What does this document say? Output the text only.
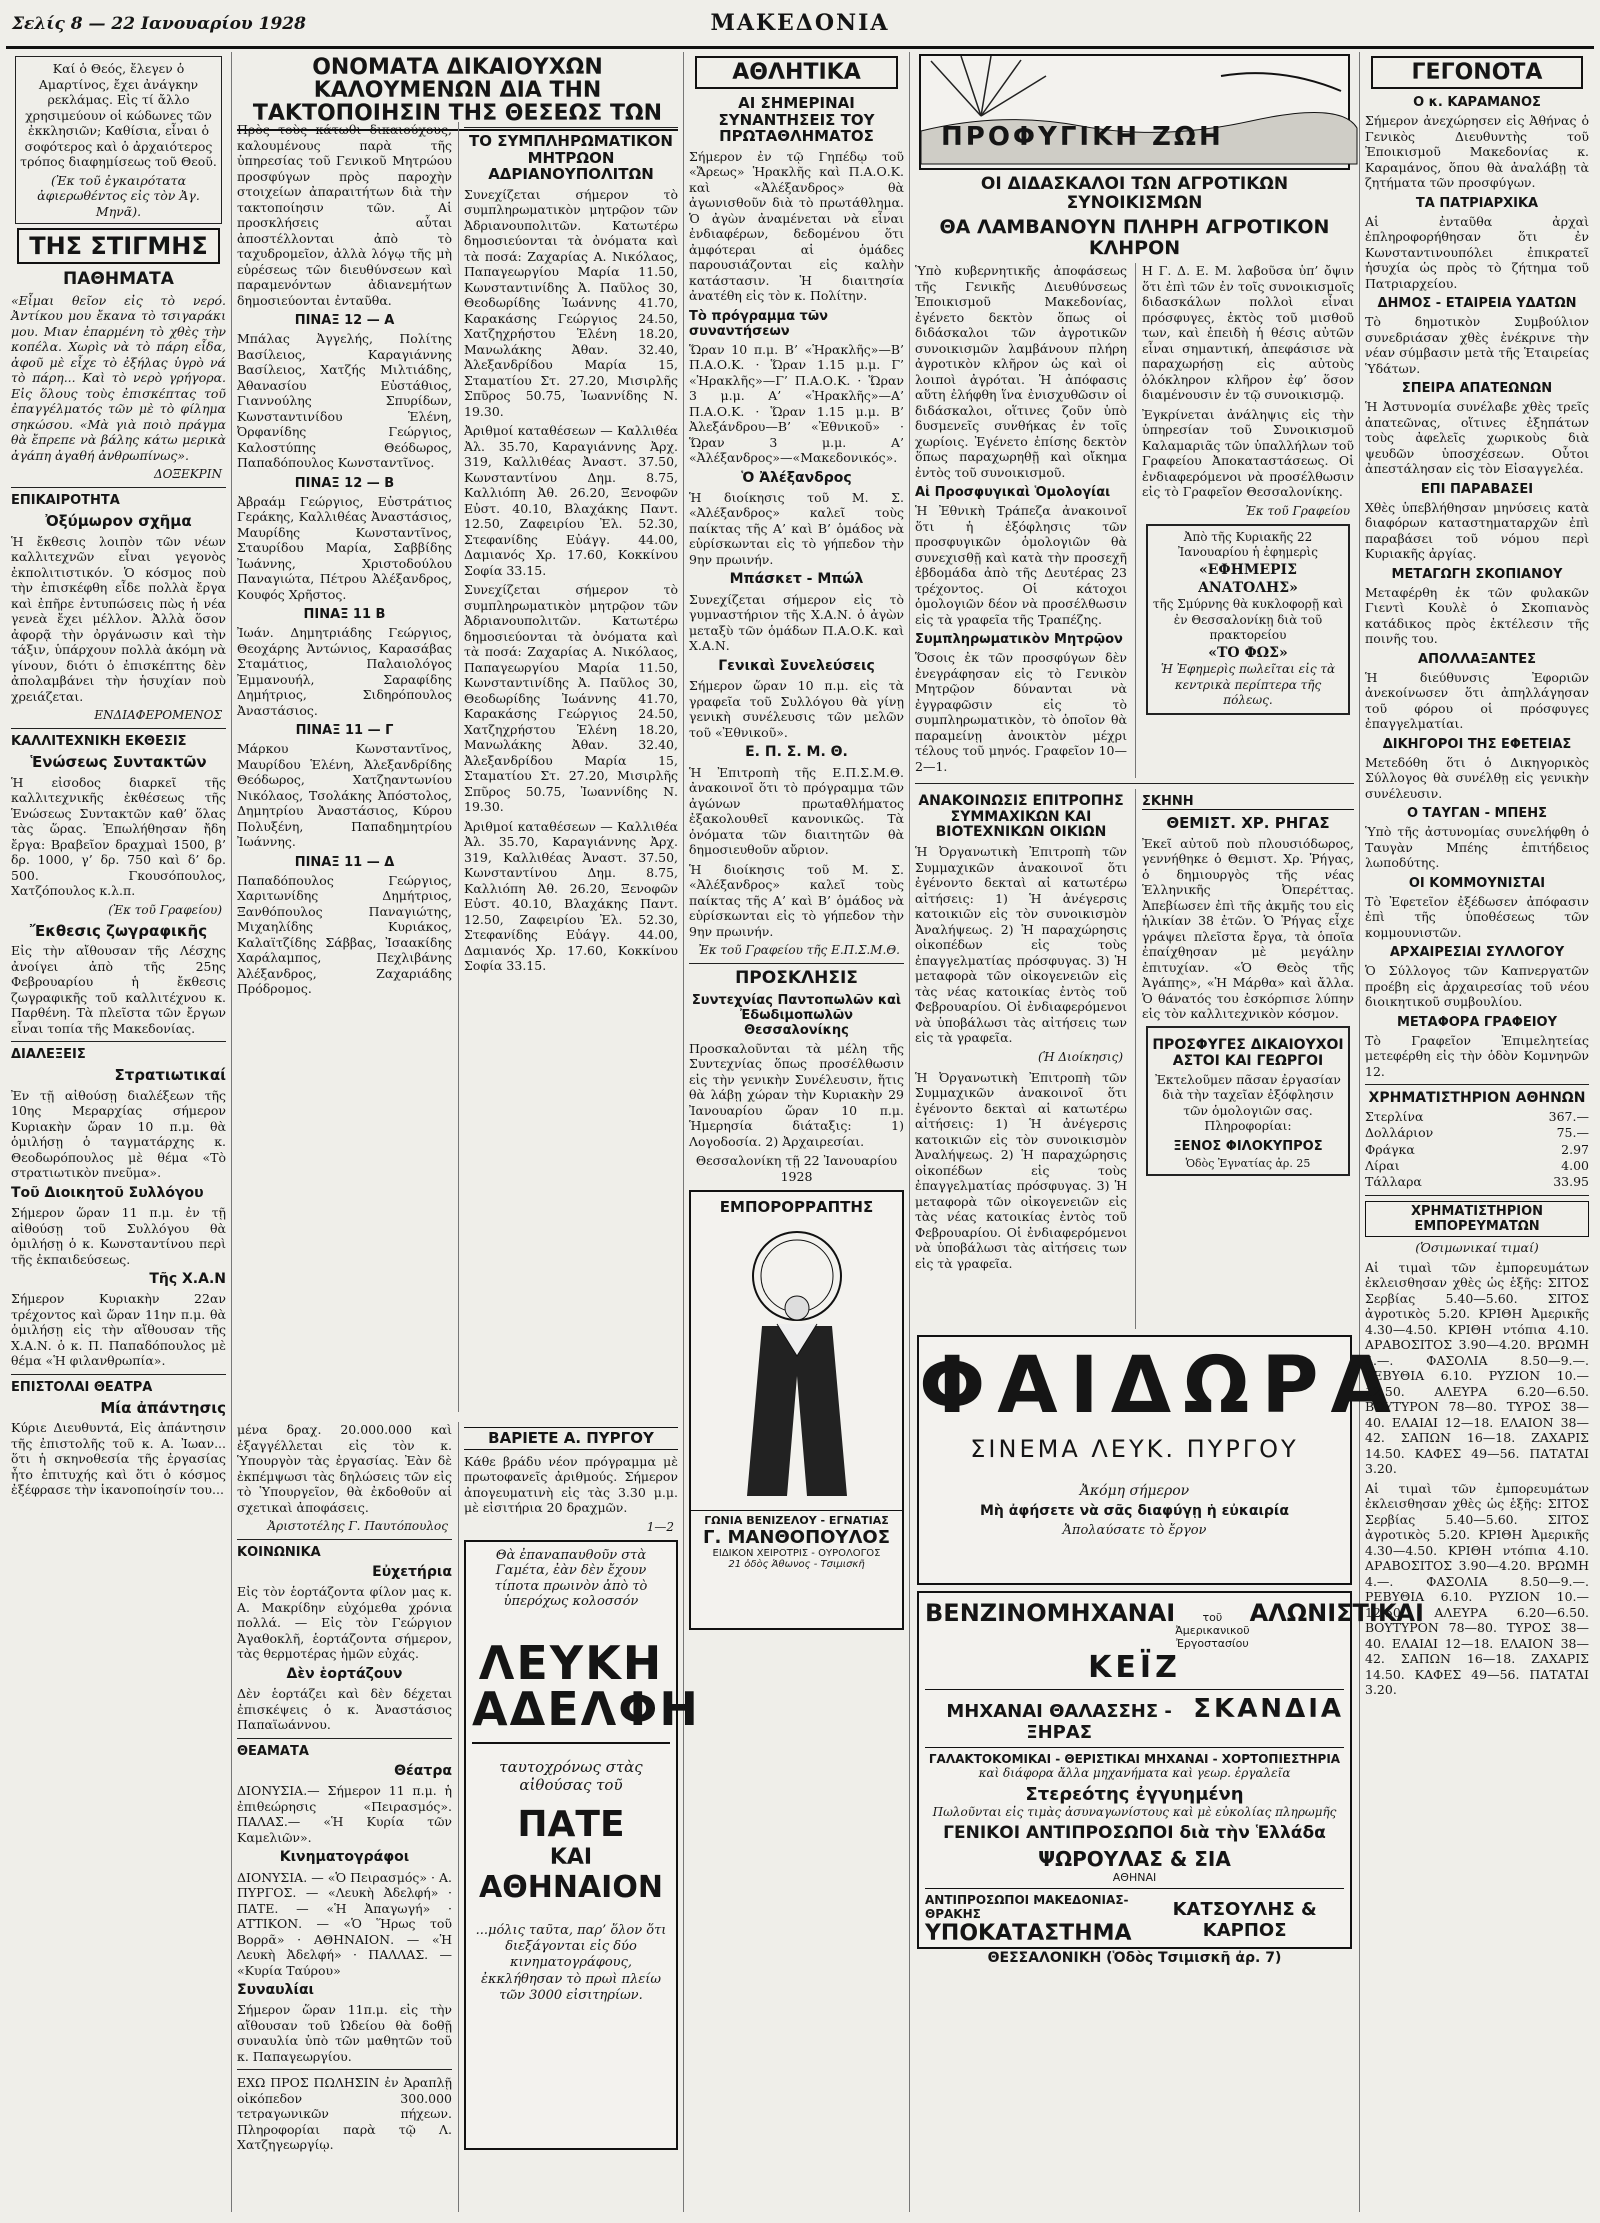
Σελίς 8 — 22 Ιανουαρίου 1928	ΜΑΚΕΔΟΝΙΑ
Καί ὁ Θεός, ἔλεγεν ὁ Αμαρτίνος, ἔχει ἀνάγκην ρεκλάμας. Εἰς τί ἄλλο χρησιμεύουν οἱ κώδωνες τῶν ἐκκλησιῶν; Καθίσια, εἶναι ὁ σοφότερος καὶ ὁ ἀρχαιότερος τρόπος διαφημίσεως τοῦ Θεοῦ.
(Ἐκ τοῦ ἐγκαιρότατα ἀφιερωθέντος εἰς τὸν Ἀγ. Μηνᾶ).
ΤΗΣ ΣΤΙΓΜΗΣ
ΠΑΘΗΜΑΤΑ
«Εἶμαι θεῖον εἰς τὸ νερό. Ἀντίκου μου ἔκανα τὸ τσιγαράκι μου. Μιαν ἐπαρμένη τὸ χθὲς τὴν κοπέλα. Χωρὶς νὰ τὸ πάρη εἶδα, ἀφοῦ μὲ εἶχε τὸ ἐξήλας ὑγρὸ νά τὸ πάρη... Καὶ τὸ νερὸ γρήγορα. Εἰς ὅλους τοὺς ἐπισκέπτας τοῦ ἐπαγγέλματός τῶν μὲ τὸ φίλημα σηκώσου. «Μὰ γιὰ ποιὸ πράγμα θὰ ἔπρεπε νὰ βάλης κάτω μερικὰ ἀγάπη ἀγαθή ἀνθρωπίνως».
ΔΟΞΕΚΡΙΝ
ΕΠΙΚΑΙΡΟΤΗΤΑ
Ὀξύμωρον σχῆμα
Ἡ ἔκθεσις λοιπὸν τῶν νέων καλλιτεχνῶν εἶναι γεγονὸς ἐκπολιτιστικόν. Ὁ κόσμος ποὺ τὴν ἐπισκέφθη εἶδε πολλὰ ἔργα καὶ ἐπῆρε ἐντυπώσεις πὼς ἡ νέα γενεὰ ἔχει μέλλον. Ἀλλὰ ὅσον ἀφορᾷ τὴν ὀργάνωσιν καὶ τὴν τάξιν, ὑπάρχουν πολλὰ ἀκόμη νὰ γίνουν, διότι ὁ ἐπισκέπτης δὲν ἀπολαμβάνει τὴν ἡσυχίαν ποὺ χρειάζεται.
ΕΝΔΙΑΦΕΡΟΜΕΝΟΣ
ΚΑΛΛΙΤΕΧΝΙΚΗ ΕΚΘΕΣΙΣ
Ἑνώσεως Συντακτῶν
Ἡ εἰσοδος διαρκεῖ τῆς καλλιτεχνικῆς ἐκθέσεως τῆς Ἑνώσεως Συντακτῶν καθ’ ὅλας τὰς ὥρας. Ἐπωλήθησαν ἤδη ἔργα: Βραβεῖον δραχμαὶ 1500, β’ δρ. 1000, γ’ δρ. 750 καὶ δ’ δρ. 500. Γκουσόπουλος, Χατζόπουλος κ.λ.π.
(Ἐκ τοῦ Γραφείου)
Ἔκθεσις ζωγραφικῆς
Εἰς τὴν αἴθουσαν τῆς Λέσχης ἀνοίγει ἀπὸ τῆς 25ης Φεβρουαρίου ἡ ἔκθεσις ζωγραφικῆς τοῦ καλλιτέχνου κ. Παρθένη. Τὰ πλεῖστα τῶν ἔργων εἶναι τοπία τῆς Μακεδονίας.
ΔΙΑΛΕΞΕΙΣ
Στρατιωτικαί
Ἐν τῇ αἰθούσῃ διαλέξεων τῆς 10ης Μεραρχίας σήμερον Κυριακὴν ὥραν 10 π.μ. θὰ ὁμιλήσῃ ὁ ταγματάρχης κ. Θεοδωρόπουλος μὲ θέμα «Τὸ στρατιωτικὸν πνεῦμα».
Τοῦ Διοικητοῦ Συλλόγου
Σήμερον ὥραν 11 π.μ. ἐν τῇ αἰθούσῃ τοῦ Συλλόγου θὰ ὁμιλήσῃ ὁ κ. Κωνσταντίνου περὶ τῆς ἐκπαιδεύσεως.
Τῆς Χ.Α.Ν
Σήμερον Κυριακὴν 22αν τρέχοντος καὶ ὥραν 11ην π.μ. θὰ ὁμιλήσῃ εἰς τὴν αἴθουσαν τῆς Χ.Α.Ν. ὁ κ. Π. Παπαδόπουλος μὲ θέμα «Ἡ φιλανθρωπία».
ΕΠΙΣΤΟΛΑΙ ΘΕΑΤΡΑ
Μία ἀπάντησις
Κύριε Διευθυντά, Εἰς ἀπάντησιν τῆς ἐπιστολῆς τοῦ κ. Α. Ἰωαν... ὅτι ἡ σκηνοθεσία τῆς ἐργασίας ἦτο ἐπιτυχής καὶ ὅτι ὁ κόσμος ἐξέφρασε τὴν ἱκανοποίησίν του...
ΟΝΟΜΑΤΑ ΔΙΚΑΙΟΥΧΩΝ ΚΑΛΟΥΜΕΝΩΝ ΔΙΑ ΤΗΝ ΤΑΚΤΟΠΟΙΗΣΙΝ ΤΗΣ ΘΕΣΕΩΣ ΤΩΝ
Πρὸς τοὺς κάτωθι δικαιούχους, καλουμένους παρὰ τῆς ὑπηρεσίας τοῦ Γενικοῦ Μητρώου προσφύγων πρὸς παροχὴν στοιχείων ἀπαραιτήτων διὰ τὴν τακτοποίησιν τῶν. Αἱ προσκλήσεις αὗται ἀποστέλλονται ἀπὸ τὸ ταχυδρομεῖον, ἀλλὰ λόγῳ τῆς μὴ εὑρέσεως τῶν διευθύνσεων καὶ παραμενόντων ἀδιανεμήτων δημοσιεύονται ἐνταῦθα.
ΠΙΝΑΞ 12 — Α
Μπάλας Ἀγγελής, Πολίτης Βασίλειος, Καραγιάννης Βασίλειος, Χατζής Μιλτιάδης, Ἀθανασίου Εὐστάθιος, Γιαννούλης Σπυρίδων, Κωνσταντινίδου Ἑλένη, Ὀρφανίδης Γεώργιος, Καλοστύπης Θεόδωρος, Παπαδόπουλος Κωνσταντῖνος.
ΠΙΝΑΞ 12 — Β
Ἀβραάμ Γεώργιος, Εὐστράτιος Γεράκης, Καλλιθέας Ἀναστάσιος, Μαυρίδης Κωνσταντῖνος, Σταυρίδου Μαρία, Σαββίδης Ἰωάννης, Χριστοδούλου Παναγιώτα, Πέτρου Ἀλέξανδρος, Κουφός Χρῆστος.
ΠΙΝΑΞ 11 Β
Ἰωάν. Δημητριάδης Γεώργιος, Θεοχάρης Ἀντώνιος, Καρασάβας Σταμάτιος, Παλαιολόγος Ἐμμανουήλ, Σαραφίδης Δημήτριος, Σιδηρόπουλος Ἀναστάσιος.
ΠΙΝΑΞ 11 — Γ
Μάρκου Κωνσταντῖνος, Μαυρίδου Ἑλένη, Ἀλεξανδρίδης Θεόδωρος, Χατζηαντωνίου Νικόλαος, Τσολάκης Ἀπόστολος, Δημητρίου Ἀναστάσιος, Κύρου Πολυξένη, Παπαδημητρίου Ἰωάννης.
ΠΙΝΑΞ 11 — Δ
Παπαδόπουλος Γεώργιος, Χαριτωνίδης Δημήτριος, Ξανθόπουλος Παναγιώτης, Μιχαηλίδης Κυριάκος, Καλαϊτζίδης Σάββας, Ἰσαακίδης Χαράλαμπος, Πεχλιβάνης Ἀλέξανδρος, Ζαχαριάδης Πρόδρομος.
ΤΟ ΣΥΜΠΛΗΡΩΜΑΤΙΚΟΝ ΜΗΤΡΩΟΝ ΑΔΡΙΑΝΟΥΠΟΛΙΤΩΝ
Συνεχίζεται σήμερον τὸ συμπληρωματικὸν μητρῷον τῶν Ἀδριανουπολιτῶν. Κατωτέρω δημοσιεύονται τὰ ὀνόματα καὶ τὰ ποσά: Ζαχαρίας Α. Νικόλαος, Παπαγεωργίου Μαρία 11.50, Κωνσταντινίδης Ἀ. Παῦλος 30, Θεοδωρίδης Ἰωάννης 41.70, Καρακάσης Γεώργιος 24.50, Χατζηχρήστου Ἑλένη 18.20, Μανωλάκης Ἀθαν. 32.40, Ἀλεξανδρίδου Μαρία 15, Σταματίου Στ. 27.20, Μισιρλῆς Σπῦρος 50.75, Ἰωαννίδης Ν. 19.30.
Ἀριθμοί καταθέσεων — Καλλιθέα Ἀλ. 35.70, Καραγιάννης Ἀρχ. 319, Καλλιθέας Ἀναστ. 37.50, Κωνσταντίνου Δημ. 8.75, Καλλιόπη Ἀθ. 26.20, Ξενοφῶν Εὐστ. 40.10, Βλαχάκης Παντ. 12.50, Ζαφειρίου Ἐλ. 52.30, Στεφανίδης Εὐάγγ. 44.00, Δαμιανός Χρ. 17.60, Κοκκίνου Σοφία 33.15.
Συνεχίζεται σήμερον τὸ συμπληρωματικὸν μητρῷον τῶν Ἀδριανουπολιτῶν. Κατωτέρω δημοσιεύονται τὰ ὀνόματα καὶ τὰ ποσά: Ζαχαρίας Α. Νικόλαος, Παπαγεωργίου Μαρία 11.50, Κωνσταντινίδης Ἀ. Παῦλος 30, Θεοδωρίδης Ἰωάννης 41.70, Καρακάσης Γεώργιος 24.50, Χατζηχρήστου Ἑλένη 18.20, Μανωλάκης Ἀθαν. 32.40, Ἀλεξανδρίδου Μαρία 15, Σταματίου Στ. 27.20, Μισιρλῆς Σπῦρος 50.75, Ἰωαννίδης Ν. 19.30.
Ἀριθμοί καταθέσεων — Καλλιθέα Ἀλ. 35.70, Καραγιάννης Ἀρχ. 319, Καλλιθέας Ἀναστ. 37.50, Κωνσταντίνου Δημ. 8.75, Καλλιόπη Ἀθ. 26.20, Ξενοφῶν Εὐστ. 40.10, Βλαχάκης Παντ. 12.50, Ζαφειρίου Ἐλ. 52.30, Στεφανίδης Εὐάγγ. 44.00, Δαμιανός Χρ. 17.60, Κοκκίνου Σοφία 33.15.
μένα δραχ. 20.000.000 καὶ ἐξαγγέλλεται εἰς τὸν κ. Ὑπουργὸν τὰς ἐργασίας. Ἐὰν δὲ ἐκπέμψωσι τὰς δηλώσεις τῶν εἰς τὸ Ὑπουργεῖον, θὰ ἐκδοθοῦν αἱ σχετικαὶ ἀποφάσεις.
Ἀριστοτέλης Γ. Παυτόπουλος
ΚΟΙΝΩΝΙΚΑ
Εὐχετήρια
Εἰς τὸν ἑορτάζοντα φίλον μας κ. Α. Μακρίδην εὐχόμεθα χρόνια πολλά. — Εἰς τὸν Γεώργιον Ἀγαθοκλῆ, ἑορτάζοντα σήμερον, τὰς θερμοτέρας ἡμῶν εὐχάς.
Δὲν ἑορτάζουν
Δὲν ἑορτάζει καὶ δὲν δέχεται ἐπισκέψεις ὁ κ. Ἀναστάσιος Παπαϊωάννου.
ΘΕΑΜΑΤΑ
Θέατρα
ΔΙΟΝΥΣΙΑ.— Σήμερον 11 π.μ. ἡ ἐπιθεώρησις «Πειρασμός». ΠΑΛΑΣ.— «Ἡ Κυρία τῶν Καμελιῶν».
Κινηματογράφοι
ΔΙΟΝΥΣΙΑ. — «Ὁ Πειρασμός» · Α. ΠΥΡΓΟΣ. — «Λευκὴ Ἀδελφή» · ΠΑΤΕ. — «Ἡ Ἀπαγωγή» · ΑΤΤΙΚΟΝ. — «Ὁ Ἥρως τοῦ Βορρᾶ» · ΑΘΗΝΑΙΟΝ. — «Ἡ Λευκὴ Ἀδελφή» · ΠΑΛΛΑΣ. — «Κυρία Ταύρου»
Συναυλίαι
Σήμερον ὥραν 11π.μ. εἰς τὴν αἴθουσαν τοῦ Ὠδείου θὰ δοθῇ συναυλία ὑπὸ τῶν μαθητῶν τοῦ κ. Παπαγεωργίου.
ΕΧΩ ΠΡΟΣ ΠΩΛΗΣΙΝ ἐν Ἀραπλῇ οἰκόπεδον 300.000 τετραγωνικῶν πήχεων. Πληροφορίαι παρὰ τῷ Λ. Χατζηγεωργίῳ.
ΒΑΡΙΕΤΕ Α. ΠΥΡΓΟΥ
Κάθε βράδυ νέον πρόγραμμα μὲ πρωτοφανεῖς ἀριθμούς. Σήμερον ἀπογευματινὴ εἰς τὰς 3.30 μ.μ. μὲ εἰσιτήρια 20 δραχμῶν.
1—2
Θὰ ἐπαναπαυθοῦν στὰ Γαμέτα, ἐὰν δὲν ἔχουν τίποτα πρωινὸν ἀπὸ τὸ ὑπερόχως κολοσσόν
ΛΕΥΚΗ
ΑΔΕΛΦΗ
ταυτοχρόνως στὰς αἰθούσας τοῦ
ΠΑΤΕ
ΚΑΙ
ΑΘΗΝΑΙΟΝ
...μόλις ταῦτα, παρ’ ὅλον ὅτι διεξάγονται εἰς δύο κινηματογράφους, ἐκκλήθησαν τὸ πρωὶ πλείω τῶν 3000 εἰσιτηρίων.
ΑΘΛΗΤΙΚΑ
ΑΙ ΣΗΜΕΡΙΝΑΙ ΣΥΝΑΝΤΗΣΕΙΣ ΤΟΥ ΠΡΩΤΑΘΛΗΜΑΤΟΣ
Σήμερον ἐν τῷ Γηπέδῳ τοῦ «Ἄρεως» Ἡρακλῆς καὶ Π.Α.Ο.Κ. καὶ «Ἀλέξανδρος» θὰ ἀγωνισθοῦν διὰ τὸ πρωτάθλημα. Ὁ ἀγὼν ἀναμένεται νὰ εἶναι ἐνδιαφέρων, δεδομένου ὅτι ἀμφότεραι αἱ ὁμάδες παρουσιάζονται εἰς καλὴν κατάστασιν. Ἡ διαιτησία ἀνατέθη εἰς τὸν κ. Πολίτην.
Τὸ πρόγραμμα τῶν συναντήσεων
Ὥραν 10 π.μ. Β’ «Ἡρακλῆς»—Β’ Π.Α.Ο.Κ. · Ὥραν 1.15 μ.μ. Γ’ «Ἡρακλῆς»—Γ’ Π.Α.Ο.Κ. · Ὥραν 3 μ.μ. Α’ «Ἡρακλῆς»—Α’ Π.Α.Ο.Κ. · Ὥραν 1.15 μ.μ. Β’ Ἀλεξάνδρου—Β’ «Ἐθνικοῦ» · Ὥραν 3 μ.μ. Α’ «Ἀλέξανδρος»—«Μακεδονικός».
Ὁ Ἀλέξανδρος
Ἡ διοίκησις τοῦ Μ. Σ. «Ἀλέξανδρος» καλεῖ τοὺς παίκτας τῆς Α’ καὶ Β’ ὁμάδος νὰ εὑρίσκωνται εἰς τὸ γήπεδον τὴν 9ην πρωινήν.
Μπάσκετ - Μπώλ
Συνεχίζεται σήμερον εἰς τὸ γυμναστήριον τῆς Χ.Α.Ν. ὁ ἀγὼν μεταξὺ τῶν ὁμάδων Π.Α.Ο.Κ. καὶ Χ.Α.Ν.
Γενικαὶ Συνελεύσεις
Σήμερον ὥραν 10 π.μ. εἰς τὰ γραφεῖα τοῦ Συλλόγου θὰ γίνῃ γενικὴ συνέλευσις τῶν μελῶν τοῦ «Ἐθνικοῦ».
Ε. Π. Σ. Μ. Θ.
Ἡ Ἐπιτροπὴ τῆς Ε.Π.Σ.Μ.Θ. ἀνακοινοῖ ὅτι τὸ πρόγραμμα τῶν ἀγώνων πρωταθλήματος ἐξακολουθεῖ κανονικῶς. Τὰ ὀνόματα τῶν διαιτητῶν θὰ δημοσιευθοῦν αὔριον.
Ἡ διοίκησις τοῦ Μ. Σ. «Ἀλέξανδρος» καλεῖ τοὺς παίκτας τῆς Α’ καὶ Β’ ὁμάδος νὰ εὑρίσκωνται εἰς τὸ γήπεδον τὴν 9ην πρωινήν.
Ἐκ τοῦ Γραφείου τῆς Ε.Π.Σ.Μ.Θ.
ΠΡΟΣΚΛΗΣΙΣ
Συντεχνίας Παντοπωλῶν καὶ Ἐδωδιμοπωλῶν Θεσσαλονίκης
Προσκαλοῦνται τὰ μέλη τῆς Συντεχνίας ὅπως προσέλθωσιν εἰς τὴν γενικὴν Συνέλευσιν, ἥτις θὰ λάβῃ χώραν τὴν Κυριακὴν 29 Ἰανουαρίου ὥραν 10 π.μ. Ἡμερησία διάταξις: 1) Λογοδοσία. 2) Ἀρχαιρεσίαι.
Θεσσαλονίκη τῇ 22 Ἰανουαρίου 1928
ΕΜΠΟΡΟΡΡΑΠΤΗΣ
ΓΩΝΙΑ ΒΕΝΙΖΕΛΟΥ - ΕΓΝΑΤΙΑΣ
Γ. ΜΑΝΘΟΠΟΥΛΟΣ
ΕΙΔΙΚΟΝ ΧΕΙΡΟΤΡΙΣ - ΟΥΡΟΛΟΓΟΣ
21 ὁδὸς Ἀθωνος - Τσιμισκῆ
ΠΡΟΦΥΓΙΚΗ ΖΩΗ
ΟΙ ΔΙΔΑΣΚΑΛΟΙ ΤΩΝ ΑΓΡΟΤΙΚΩΝ ΣΥΝΟΙΚΙΣΜΩΝ
ΘΑ ΛΑΜΒΑΝΟΥΝ ΠΛΗΡΗ ΑΓΡΟΤΙΚΟΝ ΚΛΗΡΟΝ
Ὑπὸ κυβερνητικῆς ἀποφάσεως τῆς Γενικῆς Διευθύνσεως Ἐποικισμοῦ Μακεδονίας, ἐγένετο δεκτὸν ὅπως οἱ διδάσκαλοι τῶν ἀγροτικῶν συνοικισμῶν λαμβάνουν πλήρη ἀγροτικὸν κλῆρον ὡς καὶ οἱ λοιποὶ ἀγρόται. Ἡ ἀπόφασις αὕτη ἐλήφθη ἵνα ἐνισχυθῶσιν οἱ διδάσκαλοι, οἵτινες ζοῦν ὑπὸ δυσμενεῖς συνθήκας ἐν τοῖς χωρίοις. Ἐγένετο ἐπίσης δεκτὸν ὅπως παραχωρηθῇ καὶ οἴκημα ἐντὸς τοῦ συνοικισμοῦ.
Αἱ Προσφυγικαὶ Ὁμολογίαι
Ἡ Ἐθνικὴ Τράπεζα ἀνακοινοῖ ὅτι ἡ ἐξόφλησις τῶν προσφυγικῶν ὁμολογιῶν θὰ συνεχισθῇ καὶ κατὰ τὴν προσεχῆ ἑβδομάδα ἀπὸ τῆς Δευτέρας 23 τρέχοντος. Οἱ κάτοχοι ὁμολογιῶν δέον νὰ προσέλθωσιν εἰς τὰ γραφεῖα τῆς Τραπέζης.
Συμπληρωματικὸν Μητρῷον
Ὅσοις ἐκ τῶν προσφύγων δὲν ἐνεγράφησαν εἰς τὸ Γενικὸν Μητρῷον δύνανται νὰ ἐγγραφῶσιν εἰς τὸ συμπληρωματικὸν, τὸ ὁποῖον θὰ παραμείνῃ ἀνοικτὸν μέχρι τέλους τοῦ μηνός. Γραφεῖον 10—2—1.
Η Γ. Δ. Ε. Μ. λαβοῦσα ὑπ’ ὄψιν ὅτι ἐπὶ τῶν ἐν τοῖς συνοικισμοῖς διδασκάλων πολλοὶ εἶναι πρόσφυγες, ἐκτὸς τοῦ μισθοῦ των, καὶ ἐπειδὴ ἡ θέσις αὐτῶν εἶναι σημαντική, ἀπεφάσισε νὰ παραχωρήσῃ εἰς αὐτοὺς ὁλόκληρον κλῆρον ἐφ’ ὅσον διαμένουσιν ἐν τῷ συνοικισμῷ.
Ἐγκρίνεται ἀνάληψις εἰς τὴν ὑπηρεσίαν τοῦ Συνοικισμοῦ Καλαμαριᾶς τῶν ὑπαλλήλων τοῦ Γραφείου Ἀποκαταστάσεως. Οἱ ἐνδιαφερόμενοι νὰ προσέλθωσιν εἰς τὸ Γραφεῖον Θεσσαλονίκης.
Ἐκ τοῦ Γραφείου
Ἀπὸ τῆς Κυριακῆς 22 Ἰανουαρίου ἡ ἐφημερὶς
«ΕΦΗΜΕΡΙΣ ΑΝΑΤΟΛΗΣ»
τῆς Σμύρνης θὰ κυκλοφορῇ καὶ ἐν Θεσσαλονίκῃ διὰ τοῦ πρακτορείου
«ΤΟ ΦΩΣ»
Ἡ Ἐφημερὶς πωλεῖται εἰς τὰ κεντρικὰ περίπτερα τῆς πόλεως.
ΑΝΑΚΟΙΝΩΣΙΣ ΕΠΙΤΡΟΠΗΣ ΣΥΜΜΑΧΙΚΩΝ ΚΑΙ ΒΙΟΤΕΧΝΙΚΩΝ ΟΙΚΙΩΝ
Ἡ Ὀργανωτικὴ Ἐπιτροπὴ τῶν Συμμαχικῶν ἀνακοινοῖ ὅτι ἐγένοντο δεκταὶ αἱ κατωτέρω αἰτήσεις: 1) Ἡ ἀνέγερσις κατοικιῶν εἰς τὸν συνοικισμὸν Ἀναλήψεως. 2) Ἡ παραχώρησις οἰκοπέδων εἰς τοὺς ἐπαγγελματίας πρόσφυγας. 3) Ἡ μεταφορὰ τῶν οἰκογενειῶν εἰς τὰς νέας κατοικίας ἐντὸς τοῦ Φεβρουαρίου. Οἱ ἐνδιαφερόμενοι νὰ ὑποβάλωσι τὰς αἰτήσεις των εἰς τὰ γραφεῖα.
(Ἡ Διοίκησις)
Ἡ Ὀργανωτικὴ Ἐπιτροπὴ τῶν Συμμαχικῶν ἀνακοινοῖ ὅτι ἐγένοντο δεκταὶ αἱ κατωτέρω αἰτήσεις: 1) Ἡ ἀνέγερσις κατοικιῶν εἰς τὸν συνοικισμὸν Ἀναλήψεως. 2) Ἡ παραχώρησις οἰκοπέδων εἰς τοὺς ἐπαγγελματίας πρόσφυγας. 3) Ἡ μεταφορὰ τῶν οἰκογενειῶν εἰς τὰς νέας κατοικίας ἐντὸς τοῦ Φεβρουαρίου. Οἱ ἐνδιαφερόμενοι νὰ ὑποβάλωσι τὰς αἰτήσεις των εἰς τὰ γραφεῖα.
ΣΚΗΝΗ
ΘΕΜΙΣΤ. ΧΡ. ΡΗΓΑΣ
Ἐκεῖ αὐτοῦ ποὺ πλουσιόδωρος, γεννήθηκε ὁ Θεμιστ. Χρ. Ῥήγας, ὁ δημιουργὸς τῆς νέας Ἑλληνικῆς Ὀπερέττας. Ἀπεβίωσεν ἐπὶ τῆς ἀκμῆς του εἰς ἡλικίαν 38 ἐτῶν. Ὁ Ῥήγας εἶχε γράψει πλεῖστα ἔργα, τὰ ὁποῖα ἐπαίχθησαν μὲ μεγάλην ἐπιτυχίαν. «Ὁ Θεὸς τῆς Ἀγάπης», «Ἡ Μάρθα» καὶ ἄλλα. Ὁ θάνατός του ἐσκόρπισε λύπην εἰς τὸν καλλιτεχνικὸν κόσμον.
ΠΡΟΣΦΥΓΕΣ ΔΙΚΑΙΟΥΧΟΙ ΑΣΤΟΙ ΚΑΙ ΓΕΩΡΓΟΙ
Ἐκτελοῦμεν πᾶσαν ἐργασίαν διὰ τὴν ταχεῖαν ἐξόφλησιν τῶν ὁμολογιῶν σας. Πληροφορίαι:
ΞΕΝΟΣ ΦΙΛΟΚΥΠΡΟΣ
Ὁδὸς Ἐγνατίας ἀρ. 25
ΦΑΙΔΩΡΑ
ΣΙΝΕΜΑ ΛΕΥΚ. ΠΥΡΓΟΥ
Ἀκόμη σήμερον
Μὴ ἀφήσετε νὰ σᾶς διαφύγῃ ἡ εὐκαιρία
Ἀπολαύσατε τὸ ἔργον
ΒΕΝΖΙΝΟΜΗΧΑΝΑΙ	τοῦ Ἀμερικανικοῦ Ἐργοστασίου
ΑΛΩΝΙΣΤΙΚΑΙ
ΚΕΪΖ
ΜΗΧΑΝΑΙ ΘΑΛΑΣΣΗΣ - ΞΗΡΑΣ
ΣΚΑΝΔΙΑ
ΓΑΛΑΚΤΟΚΟΜΙΚΑΙ - ΘΕΡΙΣΤΙΚΑΙ ΜΗΧΑΝΑΙ - ΧΟΡΤΟΠΙΕΣΤΗΡΙΑ
καὶ διάφορα ἄλλα μηχανήματα καὶ γεωρ. ἐργαλεῖα
Στερεότης ἐγγυημένη
Πωλοῦνται εἰς τιμὰς ἀσυναγωνίστους καὶ μὲ εὐκολίας πληρωμῆς
ΓΕΝΙΚΟΙ ΑΝΤΙΠΡΟΣΩΠΟΙ διὰ τὴν Ἑλλάδα
ΨΩΡΟΥΛΑΣ & ΣΙΑ
ΑΘΗΝΑΙ
ΑΝΤΙΠΡΟΣΩΠΟΙ ΜΑΚΕΔΟΝΙΑΣ-ΘΡΑΚΗΣ
ΥΠΟΚΑΤΑΣΤΗΜΑ
ΚΑΤΣΟΥΛΗΣ & ΚΑΡΠΟΣ
ΘΕΣΣΑΛΟΝΙΚΗ (Ὁδὸς Τσιμισκῆ ἀρ. 7)
ΓΕΓΟΝΟΤΑ
Ο κ. ΚΑΡΑΜΑΝΟΣ
Σήμερον ἀνεχώρησεν εἰς Ἀθήνας ὁ Γενικὸς Διευθυντὴς τοῦ Ἐποικισμοῦ Μακεδονίας κ. Καραμάνος, ὅπου θὰ ἀναλάβῃ τὰ ζητήματα τῶν προσφύγων.
ΤΑ ΠΑΤΡΙΑΡΧΙΚΑ
Αἱ ἐνταῦθα ἀρχαὶ ἐπληροφορήθησαν ὅτι ἐν Κωνσταντινουπόλει ἐπικρατεῖ ἡσυχία ὡς πρὸς τὸ ζήτημα τοῦ Πατριαρχείου.
ΔΗΜΟΣ - ΕΤΑΙΡΕΙΑ ΥΔΑΤΩΝ
Τὸ δημοτικὸν Συμβούλιον συνεδριάσαν χθὲς ἐνέκρινε τὴν νέαν σύμβασιν μετὰ τῆς Ἑταιρείας Ὑδάτων.
ΣΠΕΙΡΑ ΑΠΑΤΕΩΝΩΝ
Ἡ Ἀστυνομία συνέλαβε χθὲς τρεῖς ἀπατεῶνας, οἵτινες ἐξηπάτων τοὺς ἀφελεῖς χωρικοὺς διὰ ψευδῶν ὑποσχέσεων. Οὗτοι ἀπεστάλησαν εἰς τὸν Εἰσαγγελέα.
ΕΠΙ ΠΑΡΑΒΑΣΕΙ
Χθὲς ὑπεβλήθησαν μηνύσεις κατὰ διαφόρων καταστηματαρχῶν ἐπὶ παραβάσει τοῦ νόμου περὶ Κυριακῆς ἀργίας.
ΜΕΤΑΓΩΓΗ ΣΚΟΠΙΑΝΟΥ
Μεταφέρθη ἐκ τῶν φυλακῶν Γιεντὶ Κουλὲ ὁ Σκοπιανὸς κατάδικος πρὸς ἐκτέλεσιν τῆς ποινῆς του.
ΑΠΟΛΛΑΞΑΝΤΕΣ
Ἡ διεύθυνσις Ἐφοριῶν ἀνεκοίνωσεν ὅτι ἀπηλλάγησαν τοῦ φόρου οἱ πρόσφυγες ἐπαγγελματίαι.
ΔΙΚΗΓΟΡΟΙ ΤΗΣ ΕΦΕΤΕΙΑΣ
Μετεδόθη ὅτι ὁ Δικηγορικὸς Σύλλογος θὰ συνέλθῃ εἰς γενικὴν συνέλευσιν.
Ο ΤΑΥΓΑΝ - ΜΠΕΗΣ
Ὑπὸ τῆς ἀστυνομίας συνελήφθη ὁ Ταυγὰν Μπέης ἐπιτήδειος λωποδύτης.
ΟΙ ΚΟΜΜΟΥΝΙΣΤΑΙ
Τὸ Ἐφετεῖον ἐξέδωσεν ἀπόφασιν ἐπὶ τῆς ὑποθέσεως τῶν κομμουνιστῶν.
ΑΡΧΑΙΡΕΣΙΑΙ ΣΥΛΛΟΓΟΥ
Ὁ Σύλλογος τῶν Καπνεργατῶν προέβη εἰς ἀρχαιρεσίας τοῦ νέου διοικητικοῦ συμβουλίου.
ΜΕΤΑΦΟΡΑ ΓΡΑΦΕΙΟΥ
Τὸ Γραφεῖον Ἐπιμελητείας μετεφέρθη εἰς τὴν ὁδὸν Κομνηνῶν 12.
ΧΡΗΜΑΤΙΣΤΗΡΙΟΝ ΑΘΗΝΩΝ
Στερλίνα	367.—
Δολλάριον	75.—
Φράγκα	2.97
Λίραι	4.00
Τάλλαρα	33.95
ΧΡΗΜΑΤΙΣΤΗΡΙΟΝ ΕΜΠΟΡΕΥΜΑΤΩΝ
(Ὁσιμωνικαί τιμαί)
Αἱ τιμαὶ τῶν ἐμπορευμάτων ἐκλεισθησαν χθὲς ὡς ἑξῆς: ΣΙΤΟΣ Σερβίας 5.40—5.60. ΣΙΤΟΣ ἀγροτικὸς 5.20. ΚΡΙΘΗ Ἀμερικῆς 4.30—4.50. ΚΡΙΘΗ ντόπια 4.10. ΑΡΑΒΟΣΙΤΟΣ 3.90—4.20. ΒΡΩΜΗ 4.—. ΦΑΣΟΛΙΑ 8.50—9.—. ΡΕΒΥΘΙΑ 6.10. ΡΥΖΙΟΝ 10.—12.50. ΑΛΕΥΡΑ 6.20—6.50. ΒΟΥΤΥΡΟΝ 78—80. ΤΥΡΟΣ 38—40. ΕΛΑΙΑΙ 12—18. ΕΛΑΙΟΝ 38—42. ΣΑΠΩΝ 16—18. ΖΑΧΑΡΙΣ 14.50. ΚΑΦΕΣ 49—56. ΠΑΤΑΤΑΙ 3.20.
Αἱ τιμαὶ τῶν ἐμπορευμάτων ἐκλεισθησαν χθὲς ὡς ἑξῆς: ΣΙΤΟΣ Σερβίας 5.40—5.60. ΣΙΤΟΣ ἀγροτικὸς 5.20. ΚΡΙΘΗ Ἀμερικῆς 4.30—4.50. ΚΡΙΘΗ ντόπια 4.10. ΑΡΑΒΟΣΙΤΟΣ 3.90—4.20. ΒΡΩΜΗ 4.—. ΦΑΣΟΛΙΑ 8.50—9.—. ΡΕΒΥΘΙΑ 6.10. ΡΥΖΙΟΝ 10.—12.50. ΑΛΕΥΡΑ 6.20—6.50. ΒΟΥΤΥΡΟΝ 78—80. ΤΥΡΟΣ 38—40. ΕΛΑΙΑΙ 12—18. ΕΛΑΙΟΝ 38—42. ΣΑΠΩΝ 16—18. ΖΑΧΑΡΙΣ 14.50. ΚΑΦΕΣ 49—56. ΠΑΤΑΤΑΙ 3.20.
